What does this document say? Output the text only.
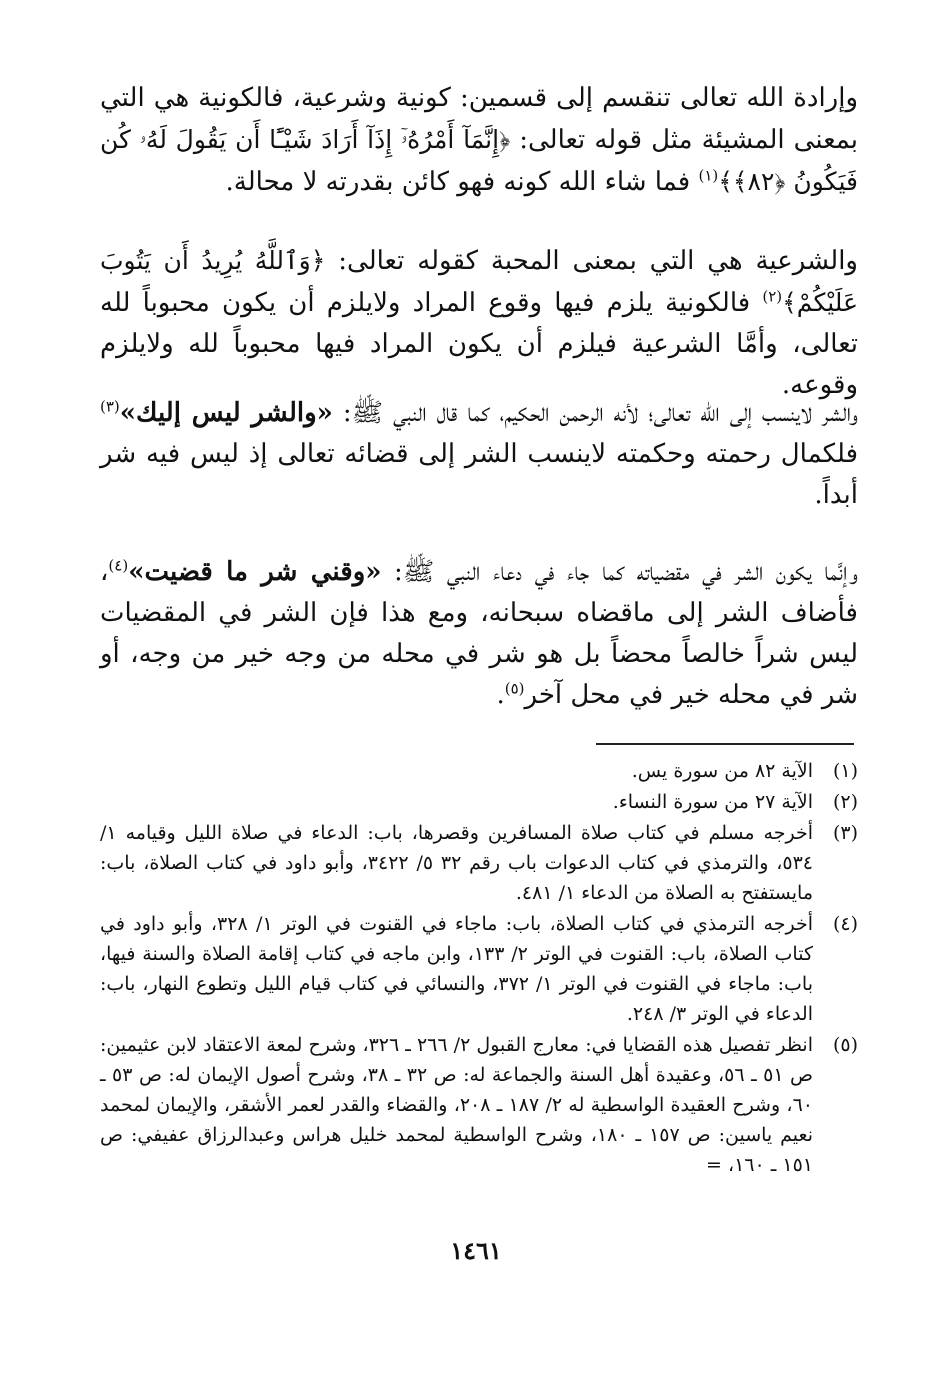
وإرادة الله تعالى تنقسم إلى قسمين: كونية وشرعية، فالكونية هي التي بمعنى المشيئة مثل قوله تعالى: ﴿إِنَّمَآ أَمْرُهُۥٓ إِذَآ أَرَادَ شَيْـًٔا أَن يَقُولَ لَهُۥ كُن فَيَكُونُ ﴿٨٢﴾﴾$^{(١)}$ فما شاء الله كونه فهو كائن بقدرته لا محالة.

والشرعية هي التي بمعنى المحبة كقوله تعالى: ﴿وَٱللَّهُ يُرِيدُ أَن يَتُوبَ عَلَيْكُمْ﴾$^{(٢)}$ فالكونية يلزم فيها وقوع المراد ولايلزم أن يكون محبوباً لله تعالى، وأمَّا الشرعية فيلزم أن يكون المراد فيها محبوباً لله ولايلزم وقوعه.

والشر لاينسب إلى الله تعالى؛ لأنه الرحمن الحكيم، كما قال النبي ﷺ: «والشر ليس إليك»$^{(٣)}$ فلكمال رحمته وحكمته لاينسب الشر إلى قضائه تعالى إذ ليس فيه شر أبداً.

وإنَّما يكون الشر في مقضياته كما جاء في دعاء النبي ﷺ: «وقني شر ما قضيت»$^{(٤)}$، فأضاف الشر إلى ماقضاه سبحانه، ومع هذا فإن الشر في المقضيات ليس شراً خالصاً محضاً بل هو شر في محله من وجه خير من وجه، أو شر في محله خير في محل آخر$^{(٥)}$.

(١)
الآية ٨٢ من سورة يس.
(٢)
الآية ٢٧ من سورة النساء.
(٣)
أخرجه مسلم في كتاب صلاة المسافرين وقصرها، باب: الدعاء في صلاة الليل وقيامه ١/ ٥٣٤، والترمذي في كتاب الدعوات باب رقم ٣٢ ٥/ ٣٤٢٢، وأبو داود في كتاب الصلاة، باب: مايستفتح به الصلاة من الدعاء ١/ ٤٨١.
(٤)
أخرجه الترمذي في كتاب الصلاة، باب: ماجاء في القنوت في الوتر ١/ ٣٢٨، وأبو داود في كتاب الصلاة، باب: القنوت في الوتر ٢/ ١٣٣، وابن ماجه في كتاب إقامة الصلاة والسنة فيها، باب: ماجاء في القنوت في الوتر ١/ ٣٧٢، والنسائي في كتاب قيام الليل وتطوع النهار، باب: الدعاء في الوتر ٣/ ٢٤٨.
(٥)
انظر تفصيل هذه القضايا في: معارج القبول ٢/ ٢٦٦ ـ ٣٢٦، وشرح لمعة الاعتقاد لابن عثيمين: ص ٥١ ـ ٥٦، وعقيدة أهل السنة والجماعة له: ص ٣٢ ـ ٣٨، وشرح أصول الإيمان له: ص ٥٣ ـ ٦٠، وشرح العقيدة الواسطية له ٢/ ١٨٧ ـ ٢٠٨، والقضاء والقدر لعمر الأشقر، والإيمان لمحمد نعيم ياسين: ص ١٥٧ ـ ١٨٠، وشرح الواسطية لمحمد خليل هراس وعبدالرزاق عفيفي: ص ١٥١ ـ ١٦٠، =
١٤٦١
